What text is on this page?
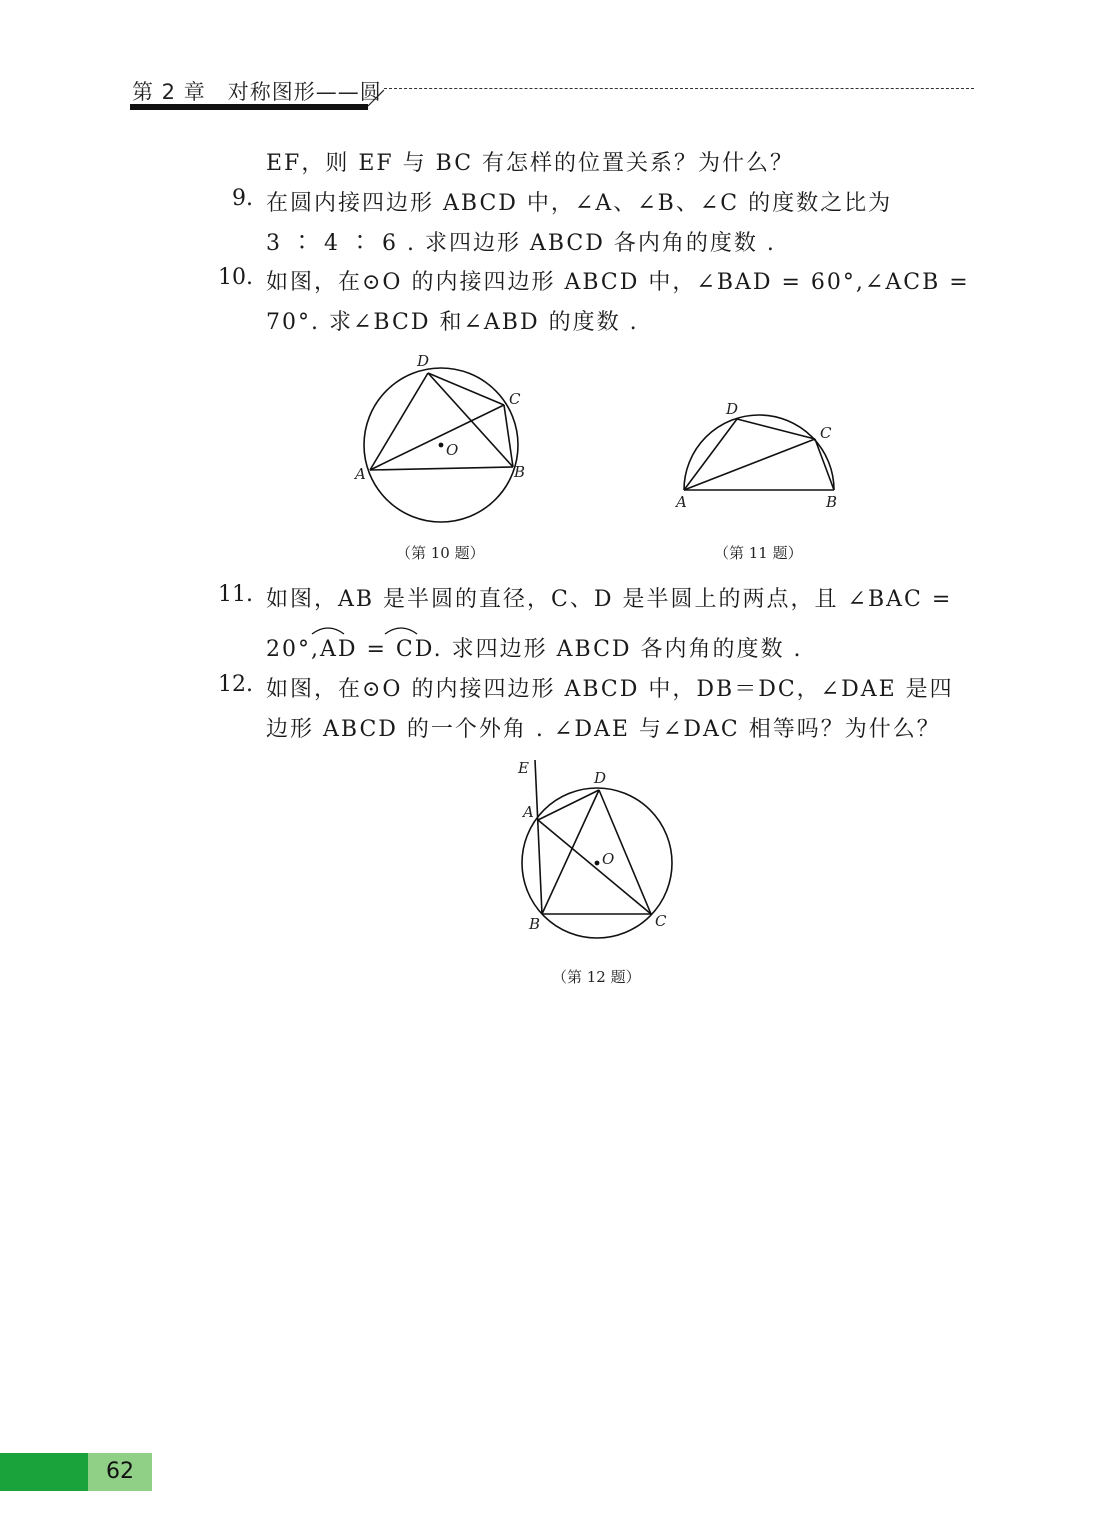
第 2 章　对称图形——圆
EF，则 EF 与 BC 有怎样的位置关系？为什么？
9. 在圆内接四边形 ABCD 中，∠A、∠B、∠C 的度数之比为
3 ∶ 4 ∶ 6 . 求四边形 ABCD 各内角的度数 .
10. 如图，在⊙O 的内接四边形 ABCD 中，∠BAD = 60°,∠ACB =
70°. 求∠BCD 和∠ABD 的度数 .
D
C
O
A	B
（第 10 题）
D
C
A	B
（第 11 题）
11. 如图，AB 是半圆的直径，C、D 是半圆上的两点，且 ∠BAC =
20°,AD = CD. 求四边形 ABCD 各内角的度数 .
12. 如图，在⊙O 的内接四边形 ABCD 中，DB＝DC，∠DAE 是四
边形 ABCD 的一个外角 . ∠DAE 与∠DAC 相等吗？为什么？
E
D
A
O
B	C
（第 12 题）
62
